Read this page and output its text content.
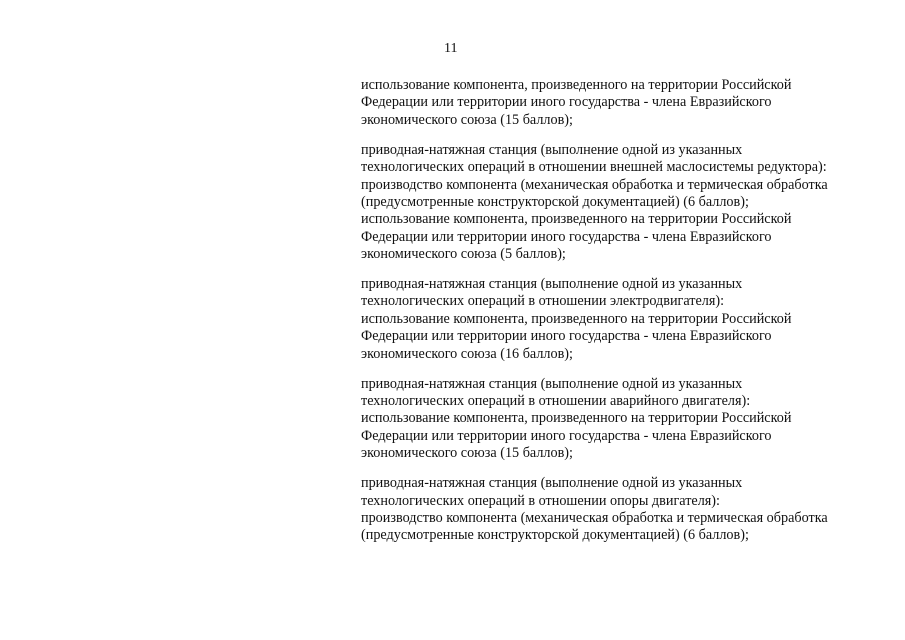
11
использование компонента, произведенного на территории Российской
Федерации или территории иного государства - члена Евразийского
экономического союза (15 баллов);
приводная-натяжная станция (выполнение одной из указанных
технологических операций в отношении внешней маслосистемы редуктора):
производство компонента (механическая обработка и термическая обработка
(предусмотренные конструкторской документацией) (6 баллов);
использование компонента, произведенного на территории Российской
Федерации или территории иного государства - члена Евразийского
экономического союза (5 баллов);
приводная-натяжная станция (выполнение одной из указанных
технологических операций в отношении электродвигателя):
использование компонента, произведенного на территории Российской
Федерации или территории иного государства - члена Евразийского
экономического союза (16 баллов);
приводная-натяжная станция (выполнение одной из указанных
технологических операций в отношении аварийного двигателя):
использование компонента, произведенного на территории Российской
Федерации или территории иного государства - члена Евразийского
экономического союза (15 баллов);
приводная-натяжная станция (выполнение одной из указанных
технологических операций в отношении опоры двигателя):
производство компонента (механическая обработка и термическая обработка
(предусмотренные конструкторской документацией) (6 баллов);
